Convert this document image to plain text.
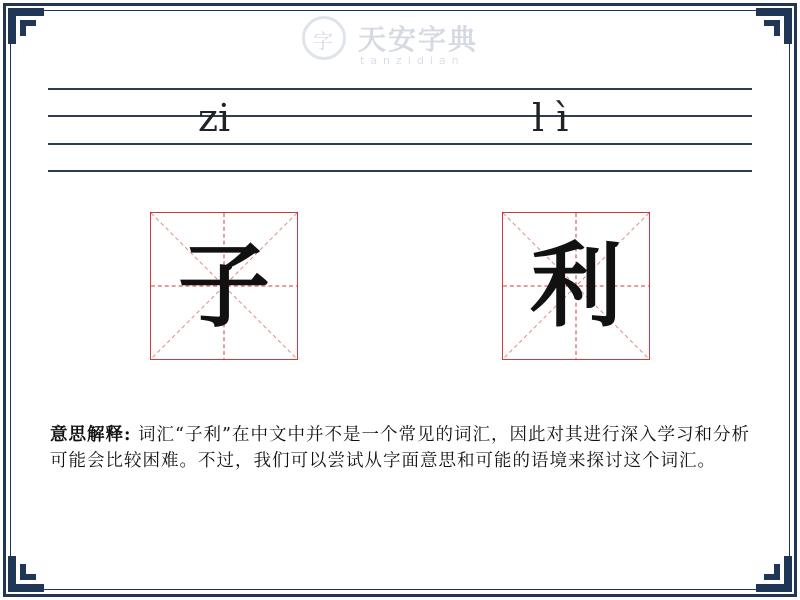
字 天安字典
tanzidian
zi	l ì
子	利
意思解释: 词汇“子利”在中文中并不是一个常见的词汇，因此对其进行深入学习和分析可能会比较困难。不过，我们可以尝试从字面意思和可能的语境来探讨这个词汇。
